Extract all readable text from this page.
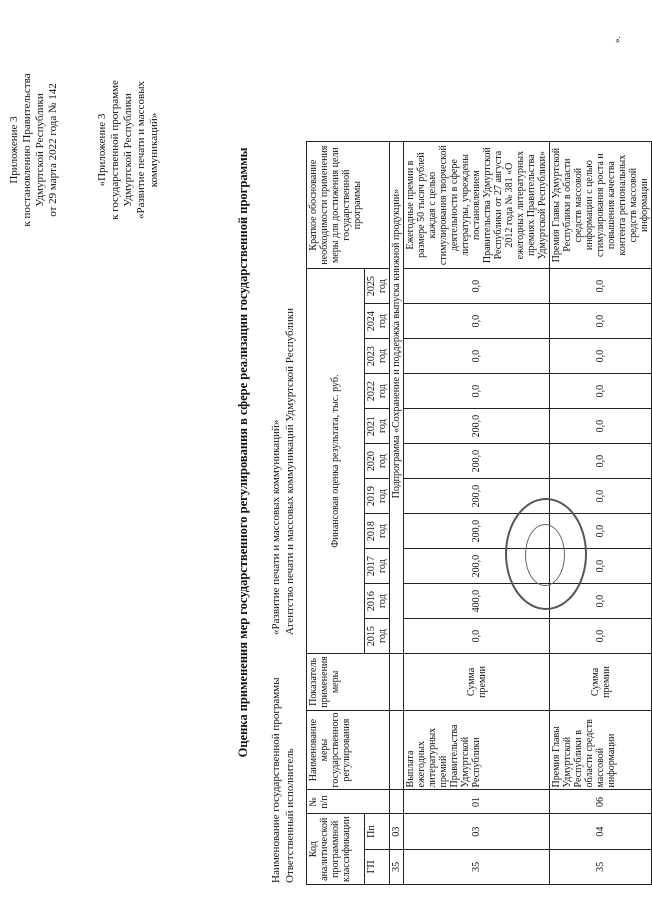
Приложение 3 к постановлению Правительства Удмуртской Республики от 29 марта 2022 года № 142	«Приложение 3 к государственной программе Удмуртской Республики «Развитие печати и массовых коммуникаций»	Оценка применения мер государственного регулирования в сфере реализации государственной программы
Наименование государственной программы Ответственный исполнитель
«Развитие печати и массовых коммуникаций» Агентство печати и массовых коммуникаций Удмуртской Республики
Код аналитической программной классификации		№ п/п	Наименование меры государственного регулирования	Показатель применения меры	Финансовая оценка результата, тыс. руб.											Краткое обоснование необходимости применения меры для достижения цели государственной программы
ГП	Пп				2015 год	2016 год	2017 год	2018 год	2019 год	2020 год	2021 год	2022 год	2023 год	2024 год	2025 год	
35	03				Подпрограмма «Сохранение и поддержка выпуска книжной продукции»											
35	03	01	Выплата ежегодных литературных премий Правительства Удмуртской Республики	Сумма премии	0,0	400,0	200,0	200,0	200,0	200,0	200,0	0,0	0,0	0,0	0,0	Ежегодные премии в размере 50 тысяч рублей каждая с целью стимулирования творческой деятельности в сфере литературы, учреждены постановлением Правительства Удмуртской Республики от 27 августа 2012 года № 381 «О ежегодных литературных премиях Правительства Удмуртской Республики»
35	04	06	Премия Главы Удмуртской Республики в области средств массовой информации	Сумма премии	0,0	0,0	0,0	0,0	0,0	0,0	0,0	0,0	0,0	0,0	0,0	Премия Главы Удмуртской Республики в области средств массовой информации с целью стимулирования роста и повышения качества контента региональных средств массовой информации
».
